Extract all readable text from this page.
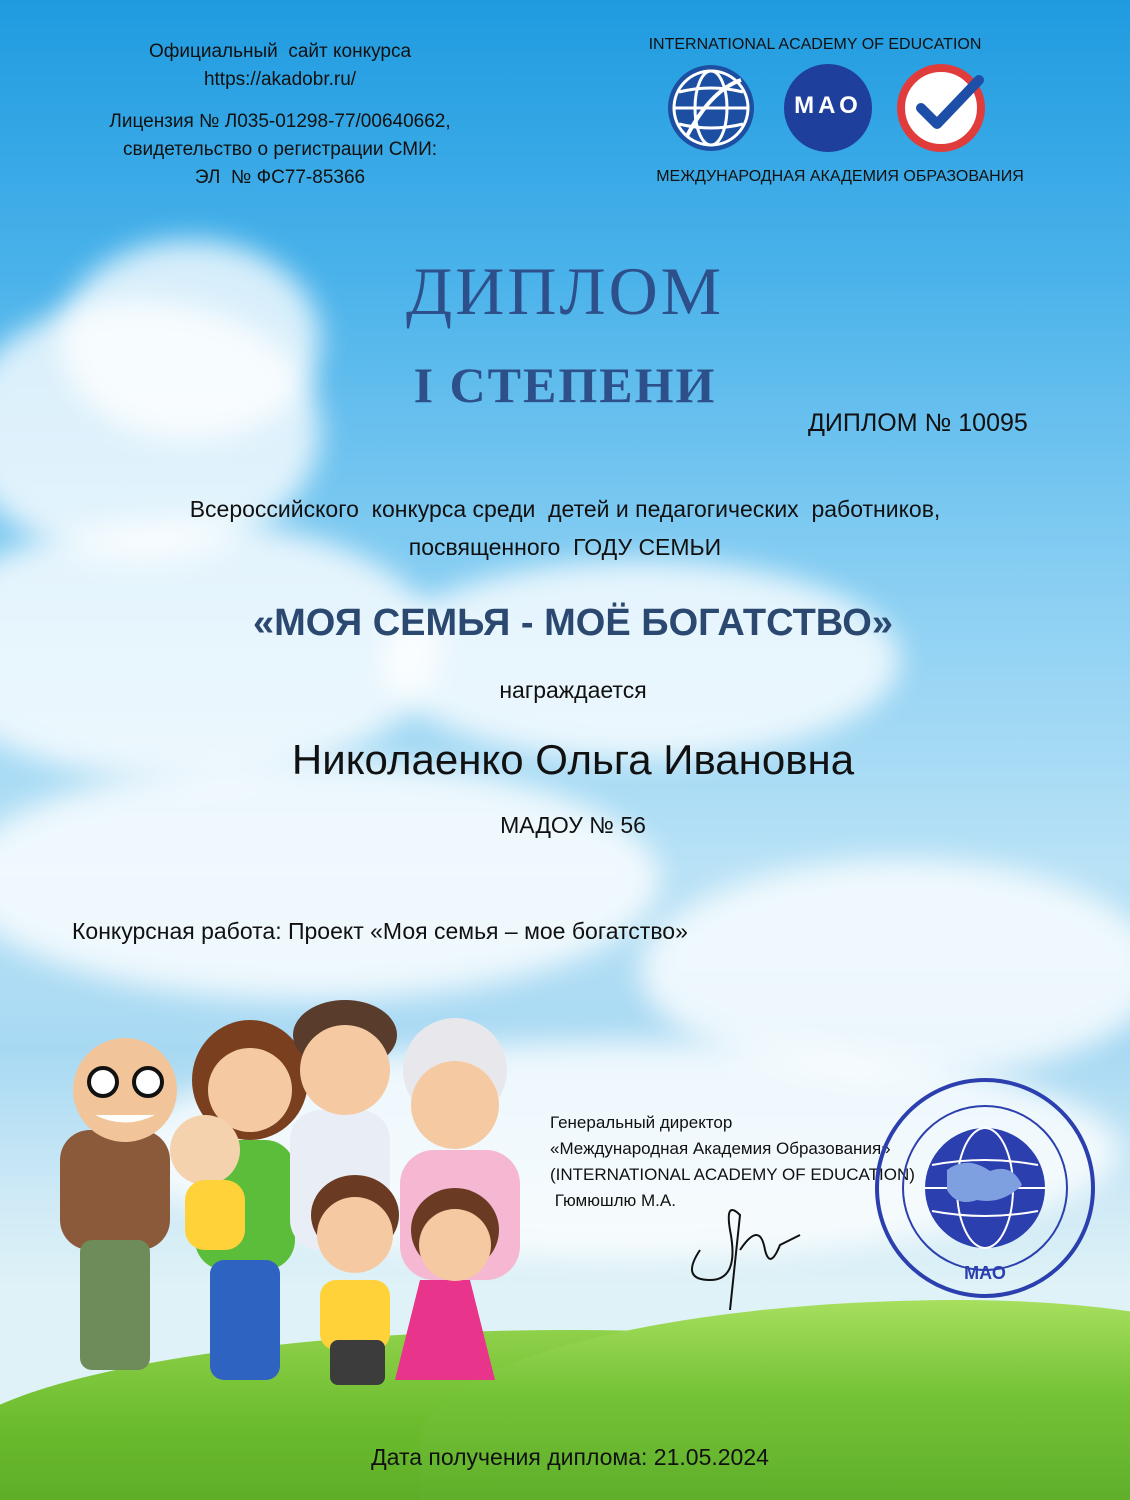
Официальный  сайт конкурса
https://akadobr.ru/
Лицензия № Л035-01298-77/00640662,
свидетельство о регистрации СМИ:
ЭЛ  № ФС77-85366
INTERNATIONAL ACADEMY OF EDUCATION
МАО
МЕЖДУНАРОДНАЯ АКАДЕМИЯ ОБРАЗОВАНИЯ
ДИПЛОМ
I СТЕПЕНИ
ДИПЛОМ № 10095
Всероссийского  конкурса среди  детей и педагогических  работников,
посвященного  ГОДУ СЕМЬИ
«МОЯ СЕМЬЯ - МОЁ БОГАТСТВО»
награждается
Николаенко Ольга Ивановна
МАДОУ № 56
Конкурсная работа: Проект «Моя семья – мое богатство»
Генеральный директор
«Международная Академия Образования»
(INTERNATIONAL ACADEMY OF EDUCATION)
Гюмюшлю М.А.
МАО
Дата получения диплома: 21.05.2024
